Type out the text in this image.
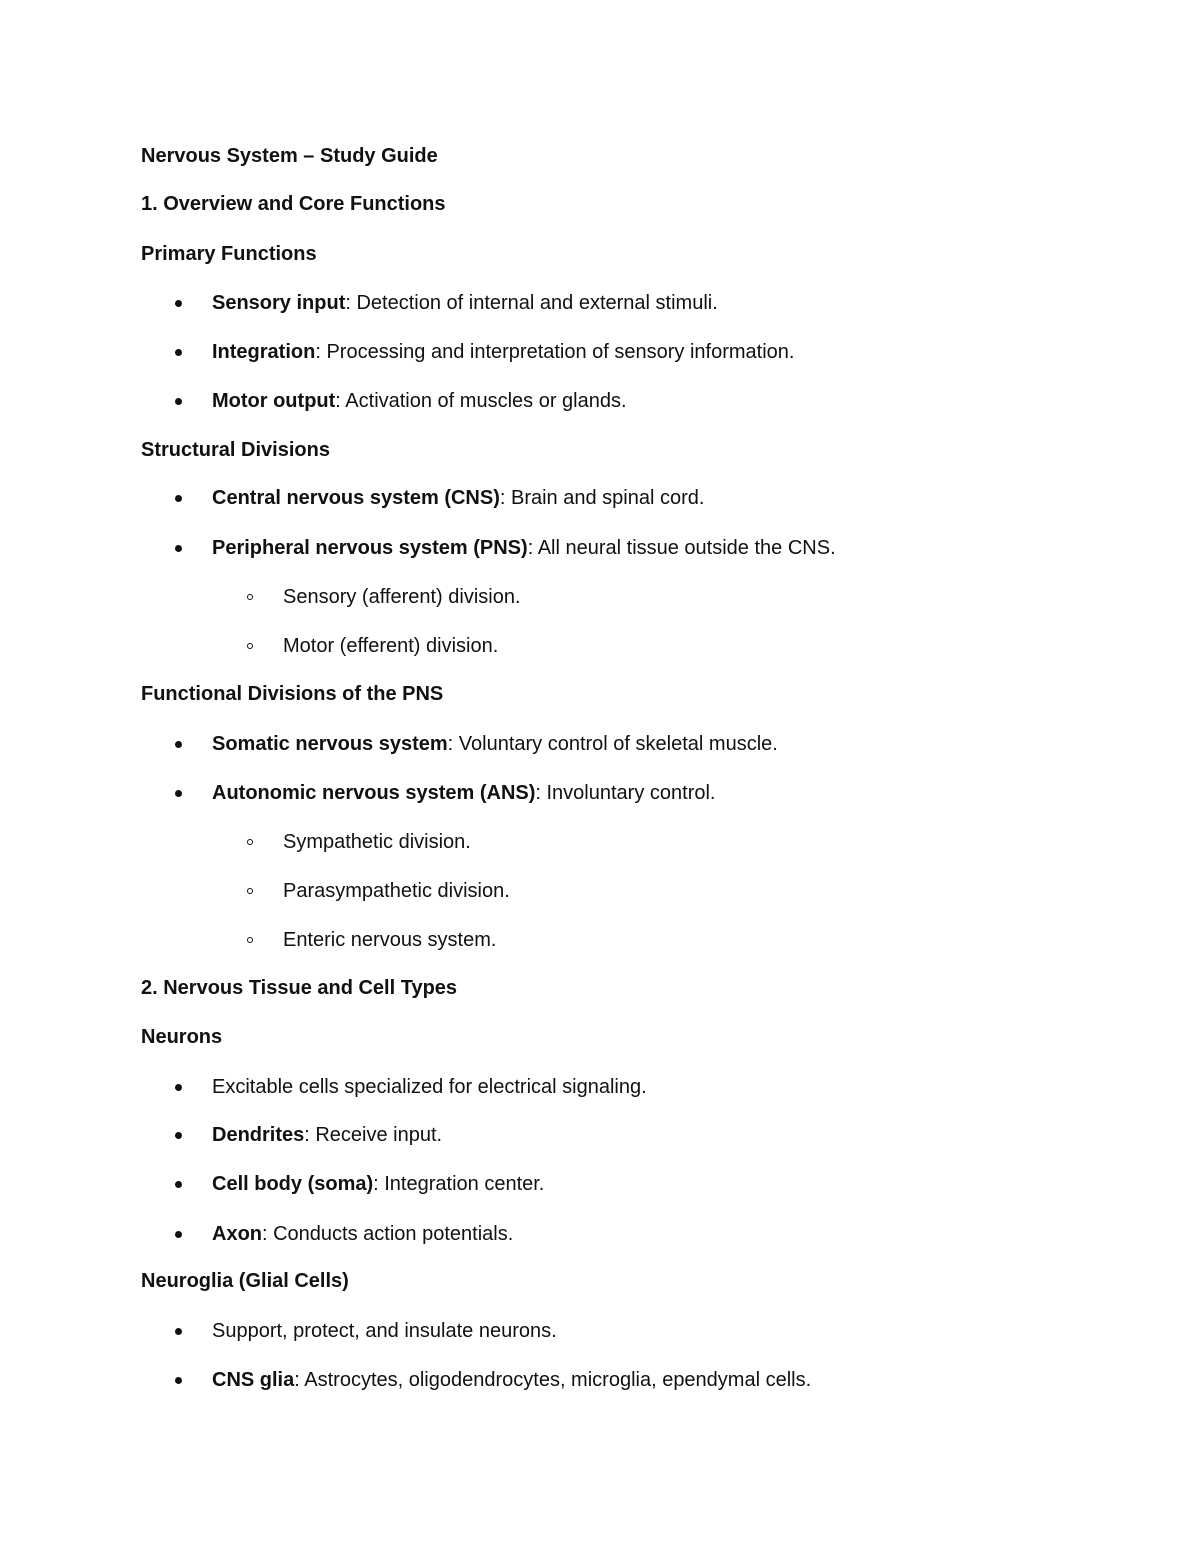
Nervous System – Study Guide
1. Overview and Core Functions
Primary Functions
Sensory input: Detection of internal and external stimuli.
Integration: Processing and interpretation of sensory information.
Motor output: Activation of muscles or glands.
Structural Divisions
Central nervous system (CNS): Brain and spinal cord.
Peripheral nervous system (PNS): All neural tissue outside the CNS.
Sensory (afferent) division.
Motor (efferent) division.
Functional Divisions of the PNS
Somatic nervous system: Voluntary control of skeletal muscle.
Autonomic nervous system (ANS): Involuntary control.
Sympathetic division.
Parasympathetic division.
Enteric nervous system.
2. Nervous Tissue and Cell Types
Neurons
Excitable cells specialized for electrical signaling.
Dendrites: Receive input.
Cell body (soma): Integration center.
Axon: Conducts action potentials.
Neuroglia (Glial Cells)
Support, protect, and insulate neurons.
CNS glia: Astrocytes, oligodendrocytes, microglia, ependymal cells.
